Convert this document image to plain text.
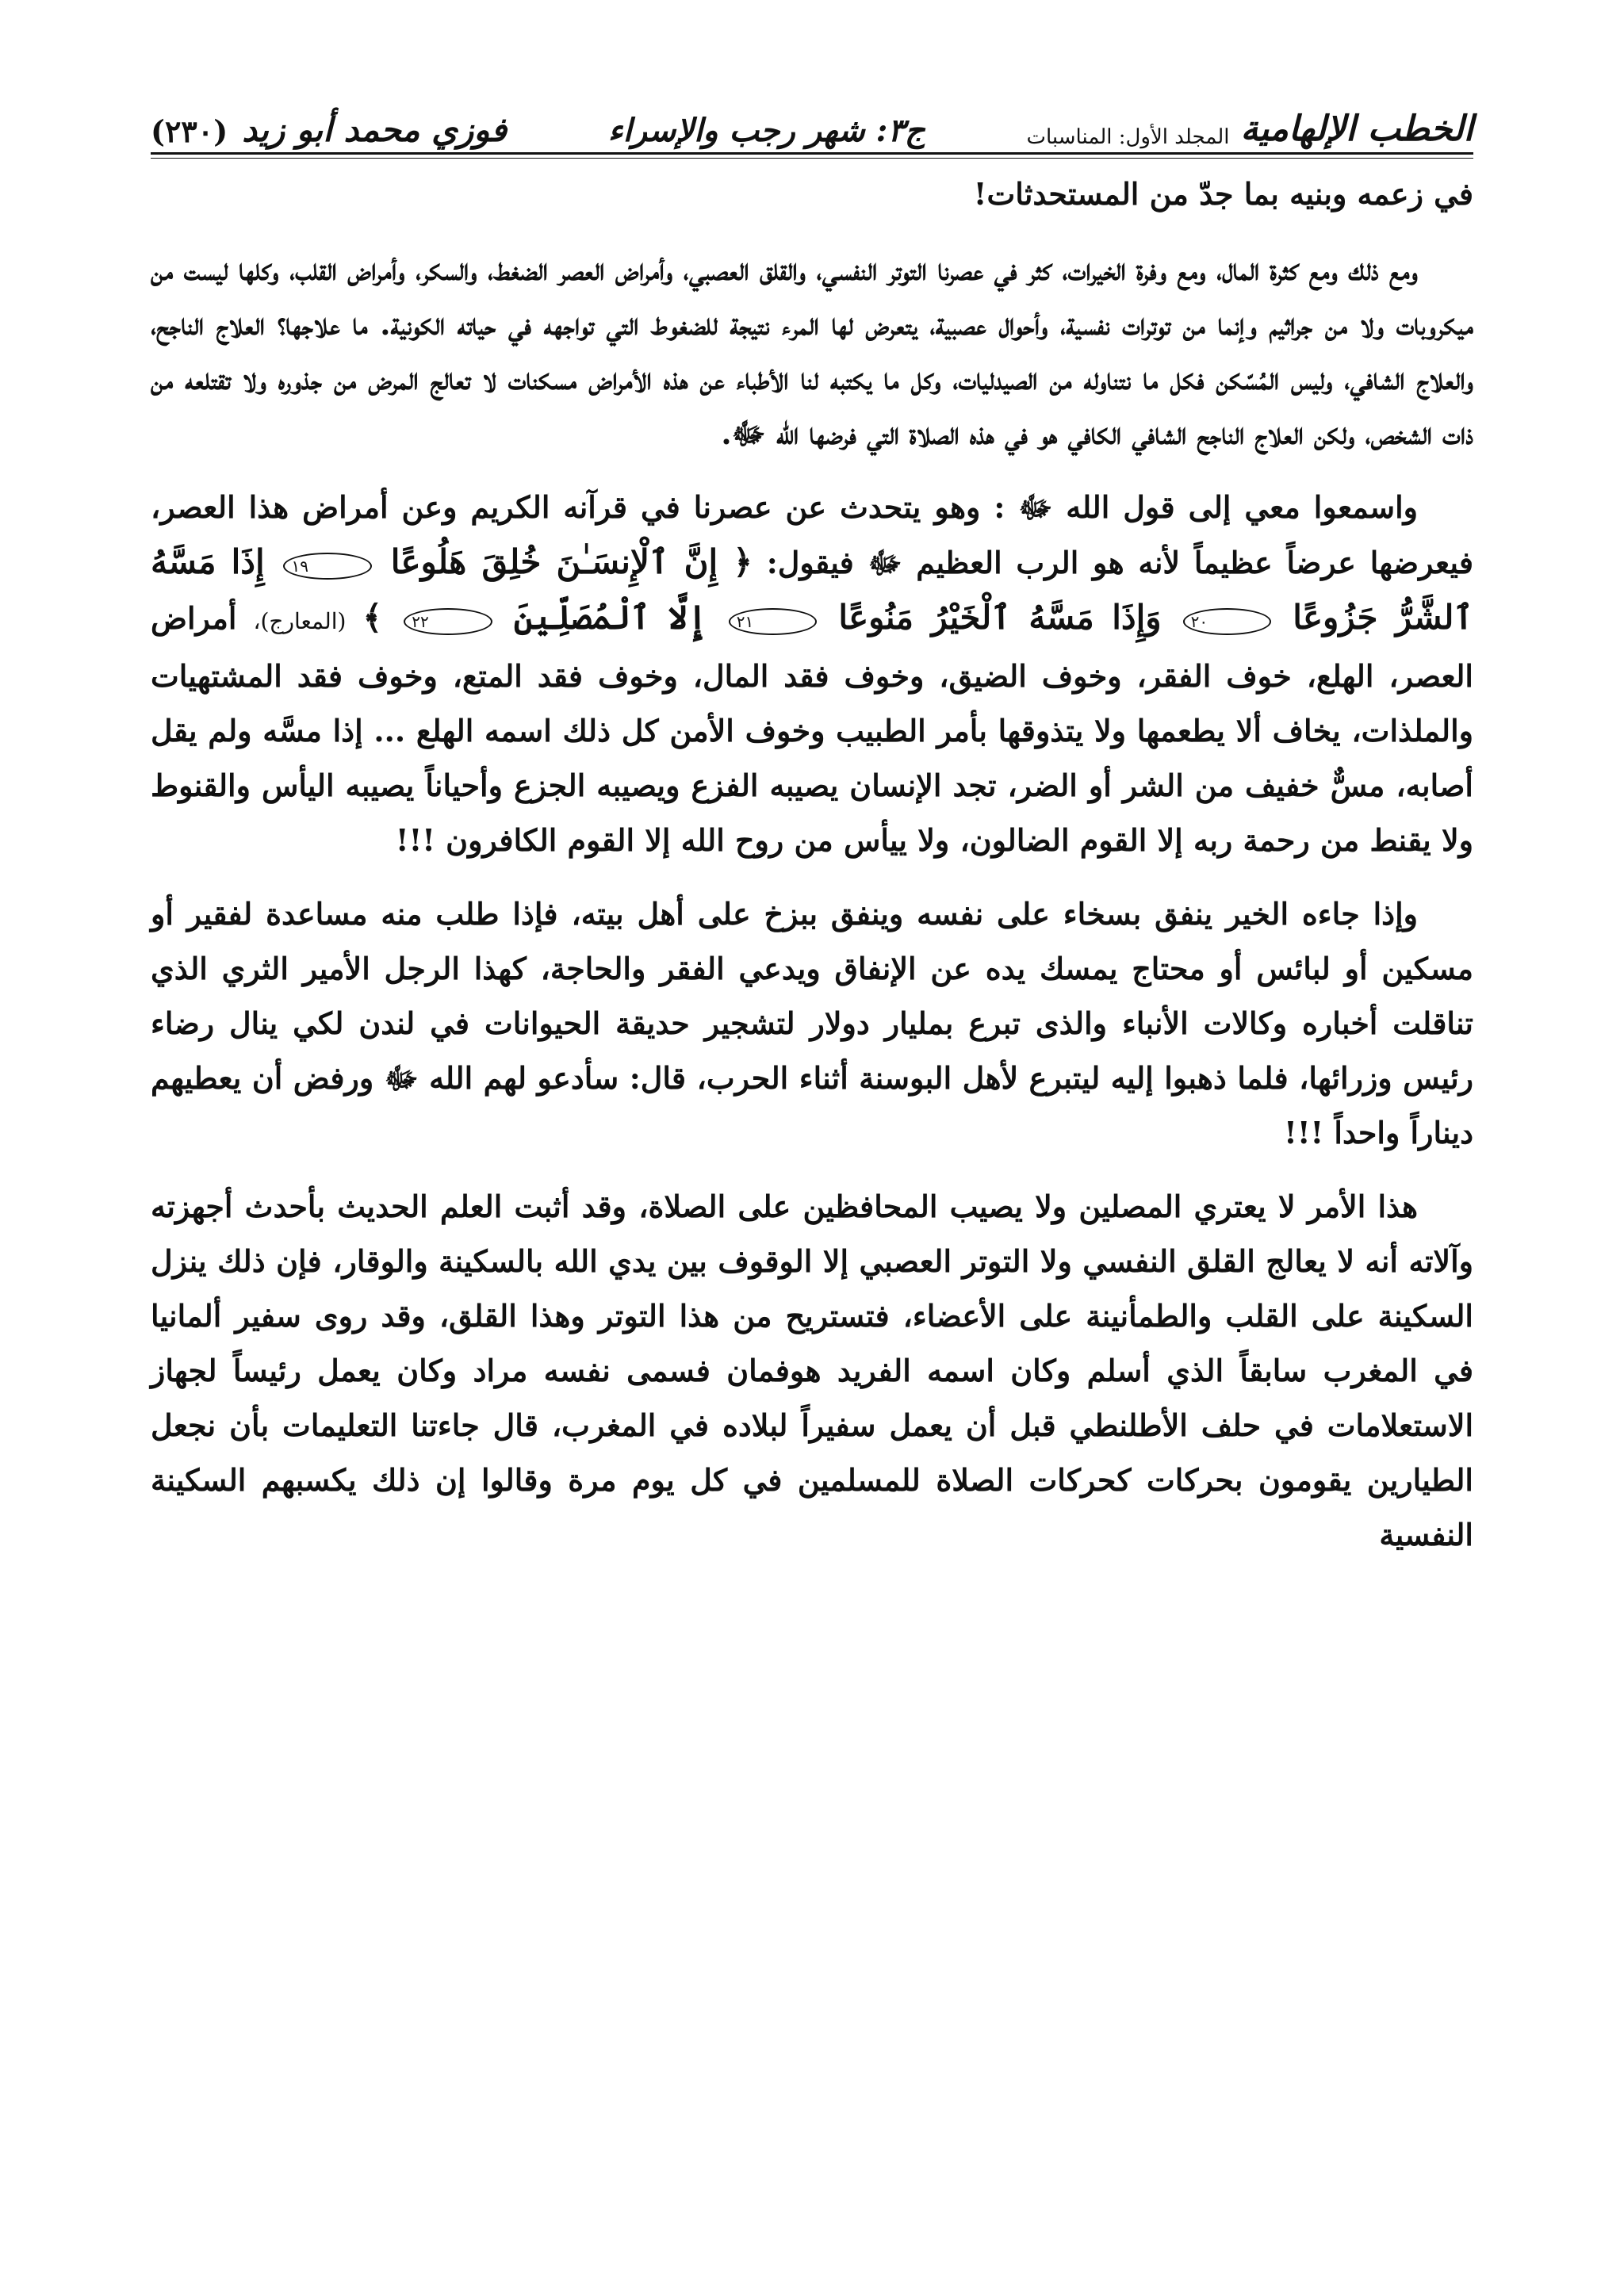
الخطب الإلهامية
المجلد الأول: المناسبات
ج٣: شهر رجب والإسراء
فوزي محمد أبو زيد
(٢٣٠)

في زعمه وبنيه بما جدّ من المستحدثات!

ومع ذلك ومع كثرة المال، ومع وفرة الخيرات، كثر في عصرنا التوتر النفسي، والقلق العصبي، وأمراض العصر الضغط، والسكر، وأمراض القلب، وكلها ليست من ميكروبات ولا من جراثيم وإنما من توترات نفسية، وأحوال عصبية، يتعرض لها المرء نتيجة للضغوط التي تواجهه في حياته الكونية. ما علاجها؟ العلاج الناجح، والعلاج الشافي، وليس المُسّكن فكل ما نتناوله من الصيدليات، وكل ما يكتبه لنا الأطباء عن هذه الأمراض مسكنات لا تعالج المرض من جذوره ولا تقتلعه من ذات الشخص، ولكن العلاج الناجح الشافي الكافي هو في هذه الصلاة التي فرضها الله ﷻ.

واسمعوا معي إلى قول الله ﷻ : وهو يتحدث عن عصرنا في قرآنه الكريم وعن أمراض هذا العصر، فيعرضها عرضاً عظيماً لأنه هو الرب العظيم ﷻ فيقول: ﴿ إِنَّ ٱلْإِنسَـٰنَ خُلِقَ هَلُوعًا ١٩ إِذَا مَسَّهُ ٱلشَّرُّ جَزُوعًا ٢٠ وَإِذَا مَسَّهُ ٱلْخَيْرُ مَنُوعًا ٢١ إِلَّا ٱلْمُصَلِّينَ ٢٢ ﴾ (المعارج)، أمراض العصر، الهلع، خوف الفقر، وخوف الضيق، وخوف فقد المال، وخوف فقد المتع، وخوف فقد المشتهيات والملذات، يخاف ألا يطعمها ولا يتذوقها بأمر الطبيب وخوف الأمن كل ذلك اسمه الهلع ... إذا مسَّه ولم يقل أصابه، مسٌّ خفيف من الشر أو الضر، تجد الإنسان يصيبه الفزع ويصيبه الجزع وأحياناً يصيبه اليأس والقنوط ولا يقنط من رحمة ربه إلا القوم الضالون، ولا ييأس من روح الله إلا القوم الكافرون !!!

وإذا جاءه الخير ينفق بسخاء على نفسه وينفق ببزخ على أهل بيته، فإذا طلب منه مساعدة لفقير أو مسكين أو لبائس أو محتاج يمسك يده عن الإنفاق ويدعي الفقر والحاجة، كهذا الرجل الأمير الثري الذي تناقلت أخباره وكالات الأنباء والذى تبرع بمليار دولار لتشجير حديقة الحيوانات في لندن لكي ينال رضاء رئيس وزرائها، فلما ذهبوا إليه ليتبرع لأهل البوسنة أثناء الحرب، قال: سأدعو لهم الله ﷻ ورفض أن يعطيهم ديناراً واحداً !!!

هذا الأمر لا يعتري المصلين ولا يصيب المحافظين على الصلاة، وقد أثبت العلم الحديث بأحدث أجهزته وآلاته أنه لا يعالج القلق النفسي ولا التوتر العصبي إلا الوقوف بين يدي الله بالسكينة والوقار، فإن ذلك ينزل السكينة على القلب والطمأنينة على الأعضاء، فتستريح من هذا التوتر وهذا القلق، وقد روى سفير ألمانيا في المغرب سابقاً الذي أسلم وكان اسمه الفريد هوفمان فسمى نفسه مراد وكان يعمل رئيساً لجهاز الاستعلامات في حلف الأطلنطي قبل أن يعمل سفيراً لبلاده في المغرب، قال جاءتنا التعليمات بأن نجعل الطيارين يقومون بحركات كحركات الصلاة للمسلمين في كل يوم مرة وقالوا إن ذلك يكسبهم السكينة النفسية
